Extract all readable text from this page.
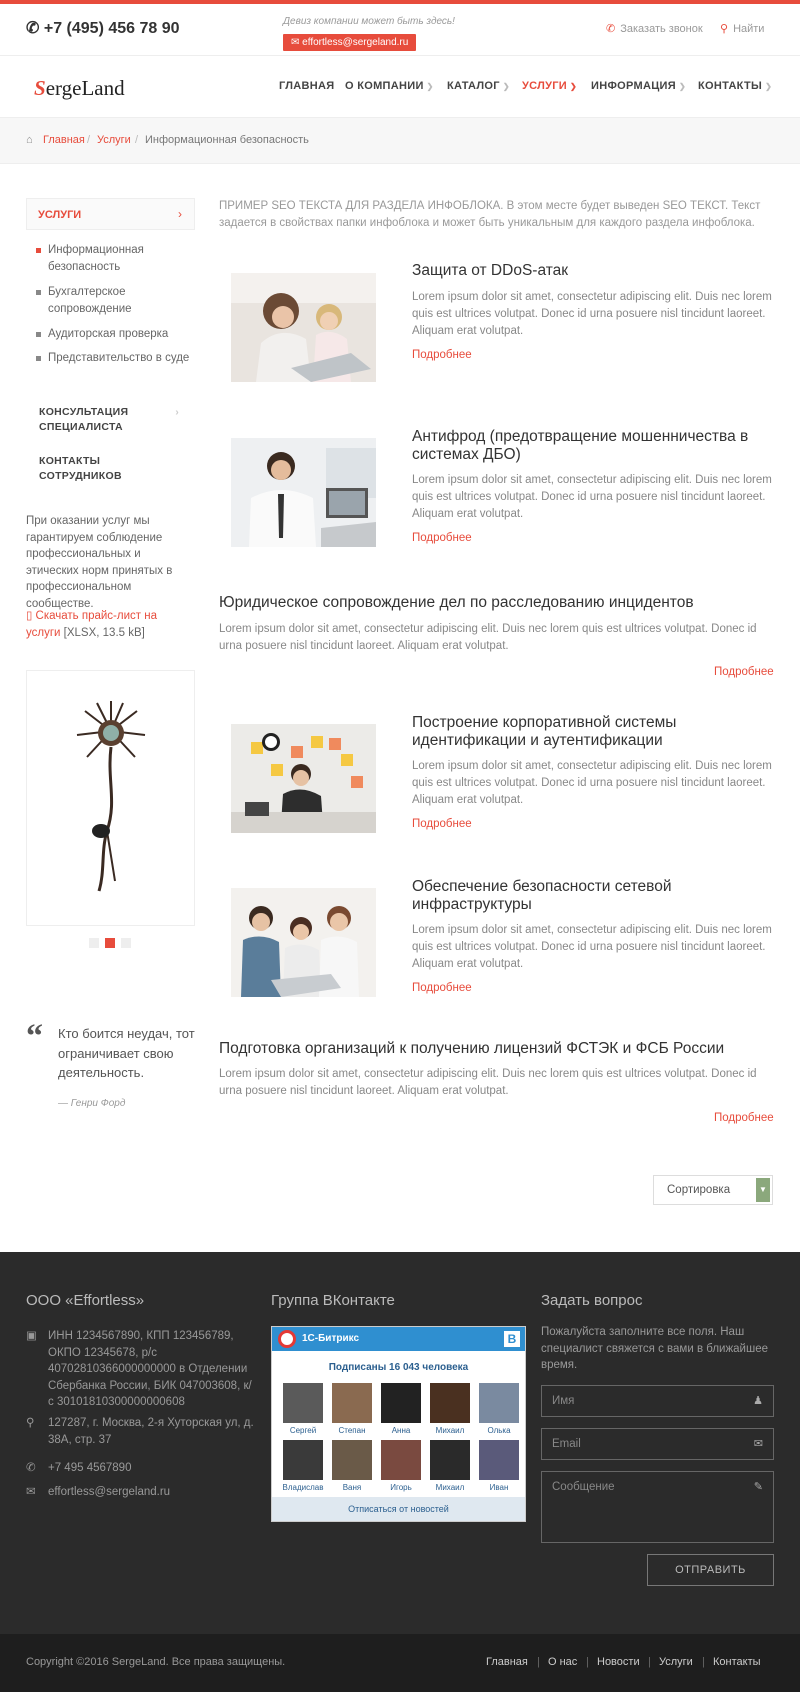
✆ +7 (495) 456 78 90	Девиз компании может быть здесь!
✉ effortless@sergeland.ru
✆ Заказать звонок ⚲ Найти
SergeLand	ГЛАВНАЯ О КОМПАНИИ ❯ КАТАЛОГ ❯ УСЛУГИ ❯ ИНФОРМАЦИЯ ❯ КОНТАКТЫ ❯
⌂ Главная / Услуги / Информационная безопасность
УСЛУГИ	›
Информационная безопасность
Бухгалтерское сопровождение
Аудиторская проверка
Представительство в суде
КОНСУЛЬТАЦИЯ СПЕЦИАЛИСТА
›
КОНТАКТЫ СОТРУДНИКОВ
При оказании услуг мы гарантируем соблюдение профессиональных и этических норм принятых в профессиональном сообществе.
▯ Скачать прайс-лист на услуги [XLSX, 13.5 kB]
“ Кто боится неудач, тот ограничивает свою деятельность.
— Генри Форд
ПРИМЕР SEO ТЕКСТА ДЛЯ РАЗДЕЛА ИНФОБЛОКА. В этом месте будет выведен SEO ТЕКСТ. Текст задается в свойствах папки инфоблока и может быть уникальным для каждого раздела инфоблока.
Защита от DDoS-атак
Lorem ipsum dolor sit amet, consectetur adipiscing elit. Duis nec lorem quis est ultrices volutpat. Donec id urna posuere nisl tincidunt laoreet. Aliquam erat volutpat.
Подробнее
Антифрод (предотвращение мошенничества в системах ДБО)
Lorem ipsum dolor sit amet, consectetur adipiscing elit. Duis nec lorem quis est ultrices volutpat. Donec id urna posuere nisl tincidunt laoreet. Aliquam erat volutpat.
Подробнее
Юридическое сопровождение дел по расследованию инцидентов
Lorem ipsum dolor sit amet, consectetur adipiscing elit. Duis nec lorem quis est ultrices volutpat. Donec id urna posuere nisl tincidunt laoreet. Aliquam erat volutpat.
Подробнее
Построение корпоративной системы идентификации и аутентификации
Lorem ipsum dolor sit amet, consectetur adipiscing elit. Duis nec lorem quis est ultrices volutpat. Donec id urna posuere nisl tincidunt laoreet. Aliquam erat volutpat.
Подробнее
Обеспечение безопасности сетевой инфраструктуры
Lorem ipsum dolor sit amet, consectetur adipiscing elit. Duis nec lorem quis est ultrices volutpat. Donec id urna posuere nisl tincidunt laoreet. Aliquam erat volutpat.
Подробнее
Подготовка организаций к получению лицензий ФСТЭК и ФСБ России
Lorem ipsum dolor sit amet, consectetur adipiscing elit. Duis nec lorem quis est ultrices volutpat. Donec id urna posuere nisl tincidunt laoreet. Aliquam erat volutpat.
Подробнее
Сортировка	▼
ООО «Effortless»
▣ ИНН 1234567890, КПП 123456789, ОКПО 12345678, р/с 40702810366000000000 в Отделении Сбербанка России, БИК 047003608, к/с 30101810300000000608
⚲ 127287, г. Москва, 2-я Хуторская ул, д. 38А, стр. 37
✆ +7 495 4567890
✉ effortless@sergeland.ru
Группа ВКонтакте
1С-Битрикс	B
Подписаны 16 043 человека
Сергей	Степан	Анна	Михаил	Олька
Владислав	Ваня	Игорь	Михаил	Иван
Отписаться от новостей
Задать вопрос
Пожалуйста заполните все поля. Наш специалист свяжется с вами в ближайшее время.
Имя	♟
Email	✉
Сообщение	✎
ОТПРАВИТЬ
Copyright ©2016 SergeLand. Все права защищены.	Главная | О нас | Новости | Услуги | Контакты
